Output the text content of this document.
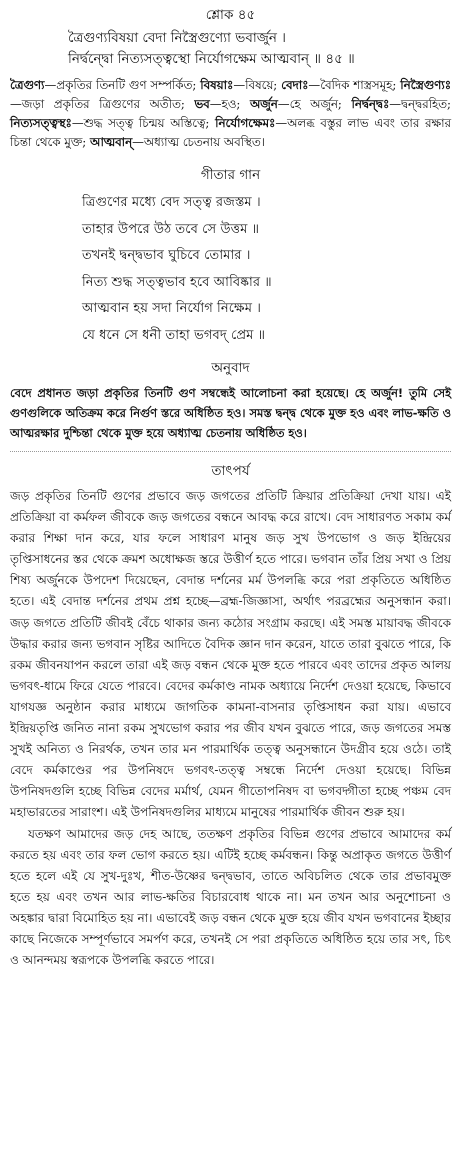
শ্লোক ৪৫
ত্রৈগুণ্যবিষয়া বেদা নিস্ত্রৈগুণ্যো ভবার্জুন ।
নির্দ্বন্দ্বো নিত্যসত্ত্বস্থো নির্যোগক্ষেম আত্মবান্ ॥ ৪৫ ॥
ত্রৈগুণ্য—প্রকৃতির তিনটি গুণ সম্পর্কিত; বিষয়াঃ—বিষয়ে; বেদাঃ—বৈদিক শাস্ত্রসমূহ; নিস্ত্রৈগুণ্যঃ—জড়া প্রকৃতির ত্রিগুণের অতীত; ভব—হও; অর্জুন—হে অর্জুন; নির্দ্বন্দ্বঃ—দ্বন্দ্বরহিত; নিত্যসত্ত্বস্থঃ—শুদ্ধ সত্ত্ব চিন্ময় অস্তিত্বে; নির্যোগক্ষেমঃ—অলব্ধ বস্তুর লাভ এবং তার রক্ষার চিন্তা থেকে মুক্ত; আত্মবান্—অধ্যাত্ম চেতনায় অবস্থিত।
গীতার গান
ত্রিগুণের মধ্যে বেদ সত্ত্ব রজস্তম ।
তাহার উপরে উঠ তবে সে উত্তম ॥
তখনই দ্বন্দ্বভাব ঘুচিবে তোমার ।
নিত্য শুদ্ধ সত্ত্বভাব হবে আবিষ্কার ॥
আত্মবান হয় সদা নির্যোগ নিক্ষেম ।
যে ধনে সে ধনী তাহা ভগবদ্ প্রেম ॥
অনুবাদ
বেদে প্রধানত জড়া প্রকৃতির তিনটি গুণ সম্বন্ধেই আলোচনা করা হয়েছে। হে অর্জুন! তুমি সেই গুণগুলিকে অতিক্রম করে নির্গুণ স্তরে অধিষ্ঠিত হও। সমস্ত দ্বন্দ্ব থেকে মুক্ত হও এবং লাভ-ক্ষতি ও আত্মরক্ষার দুশ্চিন্তা থেকে মুক্ত হয়ে অধ্যাত্ম চেতনায় অধিষ্ঠিত হও।
তাৎপর্য

জড় প্রকৃতির তিনটি গুণের প্রভাবে জড় জগতের প্রতিটি ক্রিয়ার প্রতিক্রিয়া দেখা যায়। এই প্রতিক্রিয়া বা কর্মফল জীবকে জড় জগতের বন্ধনে আবদ্ধ করে রাখে। বেদ সাধারণত সকাম কর্ম করার শিক্ষা দান করে, যার ফলে সাধারণ মানুষ জড় সুখ উপভোগ ও জড় ইন্দ্রিয়ের তৃপ্তিসাধনের স্তর থেকে ক্রমশ অধোক্ষজ স্তরে উত্তীর্ণ হতে পারে। ভগবান তাঁর প্রিয় সখা ও প্রিয় শিষ্য অর্জুনকে উপদেশ দিয়েছেন, বেদান্ত দর্শনের মর্ম উপলব্ধি করে পরা প্রকৃতিতে অধিষ্ঠিত হতে। এই বেদান্ত দর্শনের প্রথম প্রশ্ন হচ্ছে—ব্রহ্ম-জিজ্ঞাসা, অর্থাৎ পরব্রহ্মের অনুসন্ধান করা। জড় জগতে প্রতিটি জীবই বেঁচে থাকার জন্য কঠোর সংগ্রাম করছে। এই সমস্ত মায়াবদ্ধ জীবকে উদ্ধার করার জন্য ভগবান সৃষ্টির আদিতে বৈদিক জ্ঞান দান করেন, যাতে তারা বুঝতে পারে, কি রকম জীবনযাপন করলে তারা এই জড় বন্ধন থেকে মুক্ত হতে পারবে এবং তাদের প্রকৃত আলয় ভগবৎ-ধামে ফিরে যেতে পারবে। বেদের কর্মকাণ্ড নামক অধ্যায়ে নির্দেশ দেওয়া হয়েছে, কিভাবে যাগযজ্ঞ অনুষ্ঠান করার মাধ্যমে জাগতিক কামনা-বাসনার তৃপ্তিসাধন করা যায়। এভাবে ইন্দ্রিয়তৃপ্তি জনিত নানা রকম সুখভোগ করার পর জীব যখন বুঝতে পারে, জড় জগতের সমস্ত সুখই অনিত্য ও নিরর্থক, তখন তার মন পারমার্থিক তত্ত্ব অনুসন্ধানে উদগ্রীব হয়ে ওঠে। তাই বেদে কর্মকাণ্ডের পর উপনিষদে ভগবৎ-তত্ত্ব সম্বন্ধে নির্দেশ দেওয়া হয়েছে। বিভিন্ন উপনিষদগুলি হচ্ছে বিভিন্ন বেদের মর্মার্থ, যেমন গীতোপনিষদ বা ভগবদ্গীতা হচ্ছে পঞ্চম বেদ মহাভারতের সারাংশ। এই উপনিষদগুলির মাধ্যমে মানুষের পারমার্থিক জীবন শুরু হয়।

যতক্ষণ আমাদের জড় দেহ আছে, ততক্ষণ প্রকৃতির বিভিন্ন গুণের প্রভাবে আমাদের কর্ম করতে হয় এবং তার ফল ভোগ করতে হয়। এটিই হচ্ছে কর্মবন্ধন। কিন্তু অপ্রাকৃত জগতে উত্তীর্ণ হতে হলে এই যে সুখ-দুঃখ, শীত-উষ্ণের দ্বন্দ্বভাব, তাতে অবিচলিত থেকে তার প্রভাবমুক্ত হতে হয় এবং তখন আর লাভ-ক্ষতির বিচারবোধ থাকে না। মন তখন আর অনুশোচনা ও অহঙ্কার দ্বারা বিমোহিত হয় না। এভাবেই জড় বন্ধন থেকে মুক্ত হয়ে জীব যখন ভগবানের ইচ্ছার কাছে নিজেকে সম্পূর্ণভাবে সমর্পণ করে, তখনই সে পরা প্রকৃতিতে অধিষ্ঠিত হয়ে তার সৎ, চিৎ ও আনন্দময় স্বরূপকে উপলব্ধি করতে পারে।
